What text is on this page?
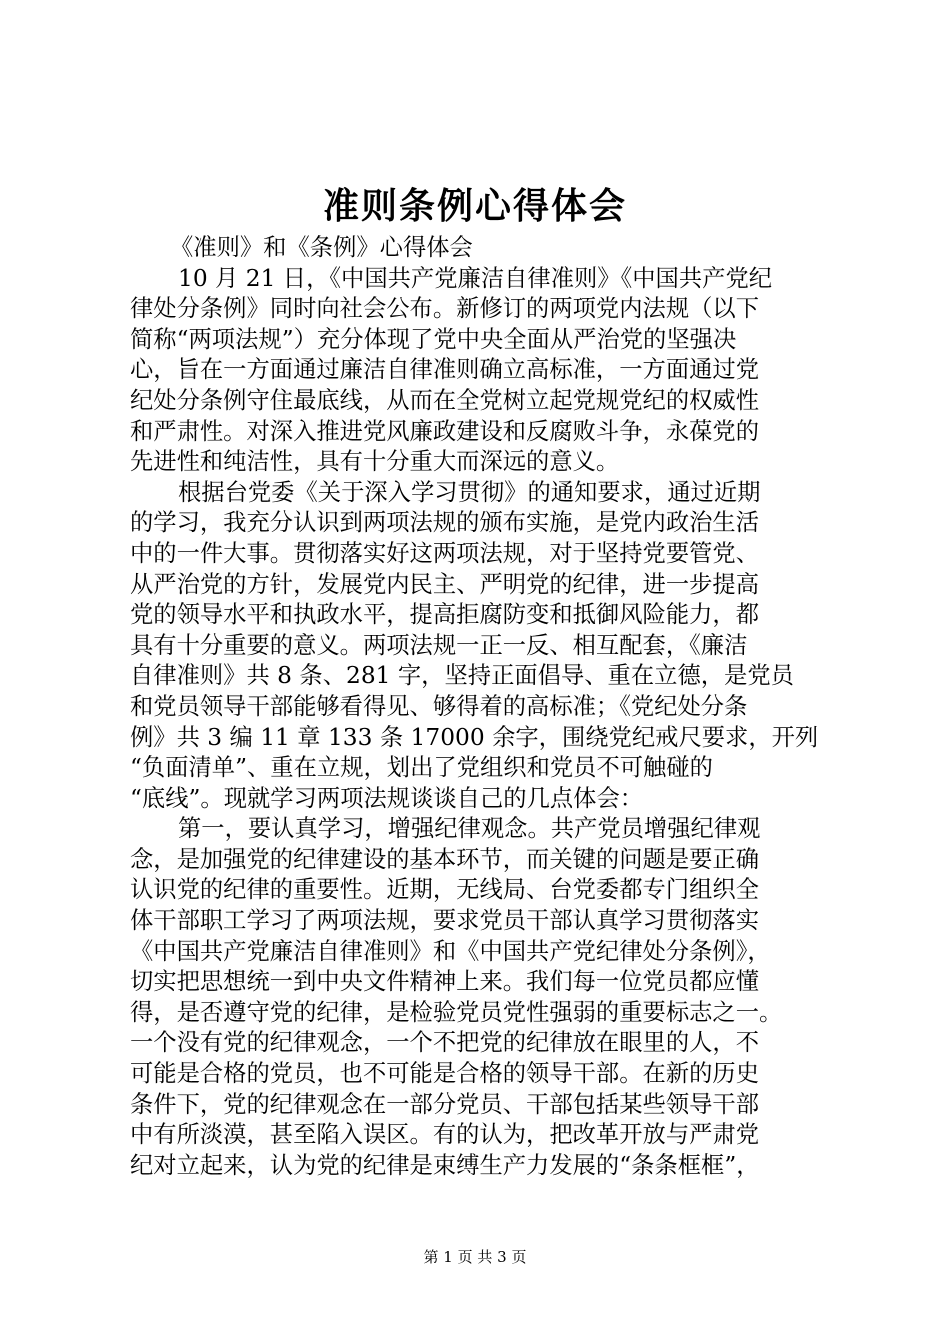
准则条例心得体会
《准则》和《条例》心得体会
10 月 21 日，《中国共产党廉洁自律准则》《中国共产党纪
律处分条例》同时向社会公布。新修订的两项党内法规（以下
简称“两项法规”）充分体现了党中央全面从严治党的坚强决
心，旨在一方面通过廉洁自律准则确立高标准，一方面通过党
纪处分条例守住最底线，从而在全党树立起党规党纪的权威性
和严肃性。对深入推进党风廉政建设和反腐败斗争，永葆党的
先进性和纯洁性，具有十分重大而深远的意义。
根据台党委《关于深入学习贯彻》的通知要求，通过近期
的学习，我充分认识到两项法规的颁布实施，是党内政治生活
中的一件大事。贯彻落实好这两项法规，对于坚持党要管党、
从严治党的方针，发展党内民主、严明党的纪律，进一步提高
党的领导水平和执政水平，提高拒腐防变和抵御风险能力，都
具有十分重要的意义。两项法规一正一反、相互配套，《廉洁
自律准则》共 8 条、281 字，坚持正面倡导、重在立德，是党员
和党员领导干部能够看得见、够得着的高标准；《党纪处分条
例》共 3 编 11 章 133 条 17000 余字，围绕党纪戒尺要求，开列
“负面清单”、重在立规，划出了党组织和党员不可触碰的
“底线”。现就学习两项法规谈谈自己的几点体会：
第一，要认真学习，增强纪律观念。共产党员增强纪律观
念，是加强党的纪律建设的基本环节，而关键的问题是要正确
认识党的纪律的重要性。近期，无线局、台党委都专门组织全
体干部职工学习了两项法规，要求党员干部认真学习贯彻落实
《中国共产党廉洁自律准则》和《中国共产党纪律处分条例》，
切实把思想统一到中央文件精神上来。我们每一位党员都应懂
得，是否遵守党的纪律，是检验党员党性强弱的重要标志之一。
一个没有党的纪律观念，一个不把党的纪律放在眼里的人，不
可能是合格的党员，也不可能是合格的领导干部。在新的历史
条件下，党的纪律观念在一部分党员、干部包括某些领导干部
中有所淡漠，甚至陷入误区。有的认为，把改革开放与严肃党
纪对立起来，认为党的纪律是束缚生产力发展的“条条框框”，
第 1 页 共 3 页
